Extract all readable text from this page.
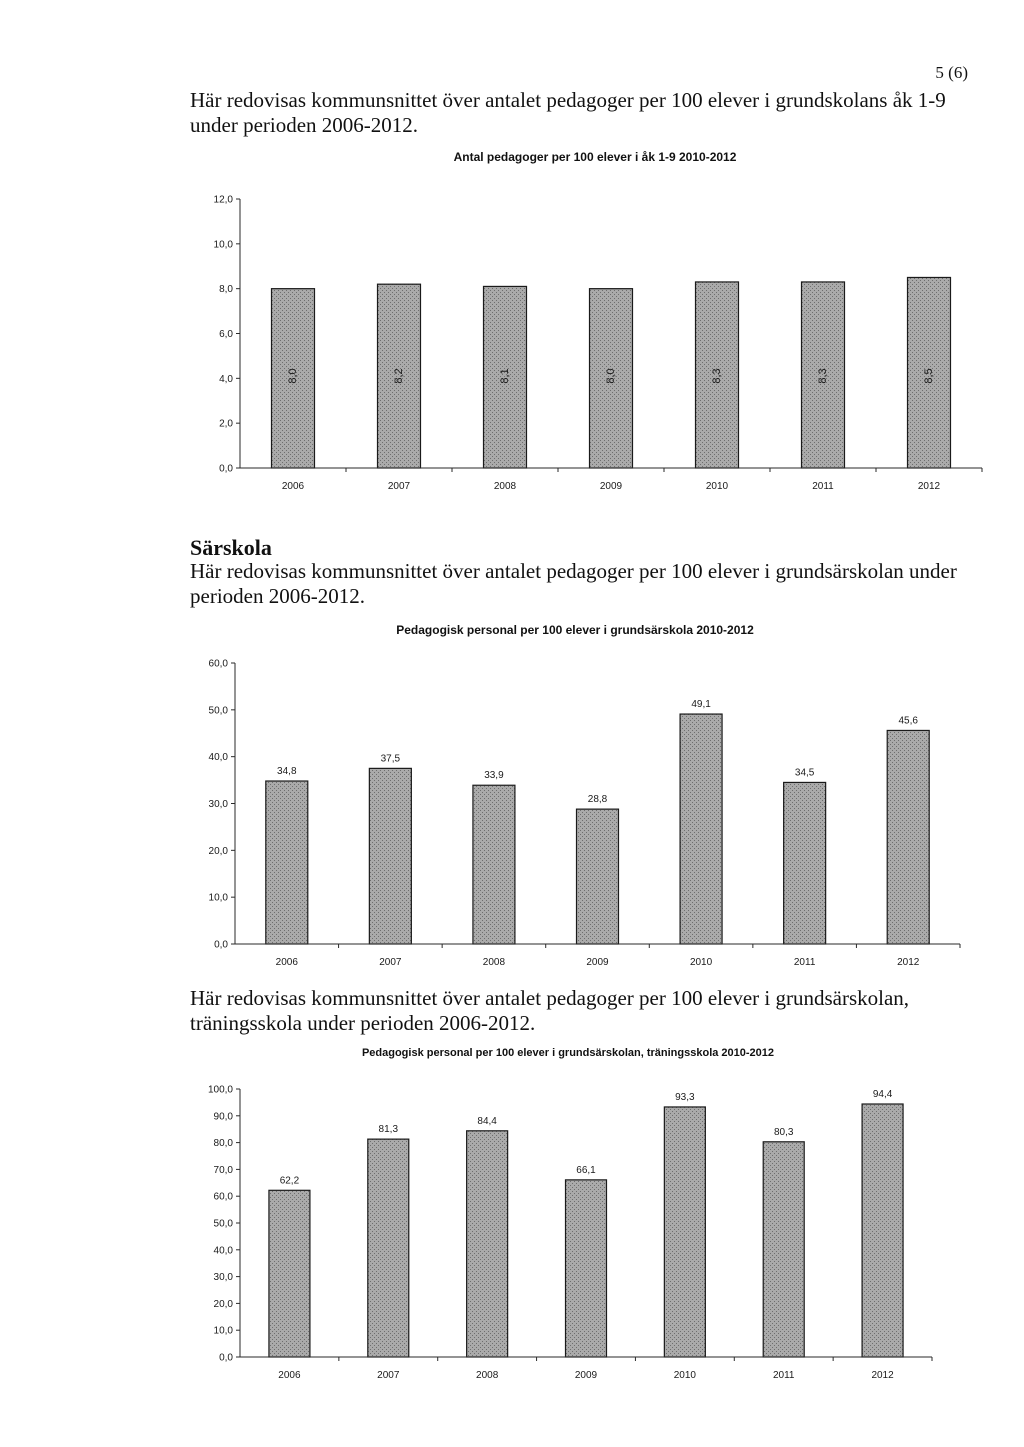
5 (6)
Här redovisas kommunsnittet över antalet pedagoger per 100 elever i grundskolans åk 1-9
under perioden 2006-2012.
Antal pedagoger per 100 elever i åk 1-9 2010-2012
0,0
2,0
4,0
6,0
8,0
10,0
12,0
8,0
2006
8,2
2007
8,1
2008
8,0
2009
8,3
2010
8,3
2011
8,5
2012
Särskola
Här redovisas kommunsnittet över antalet pedagoger per 100 elever i grundsärskolan under
perioden 2006-2012.
Pedagogisk personal per 100 elever i grundsärskola 2010-2012
0,0
10,0
20,0
30,0
40,0
50,0
60,0
34,8
2006
37,5
2007
33,9
2008
28,8
2009
49,1
2010
34,5
2011
45,6
2012
Här redovisas kommunsnittet över antalet pedagoger per 100 elever i grundsärskolan,
träningsskola under perioden 2006-2012.
Pedagogisk personal per 100 elever i grundsärskolan, träningsskola 2010-2012
0,0
10,0
20,0
30,0
40,0
50,0
60,0
70,0
80,0
90,0
100,0
62,2
2006
81,3
2007
84,4
2008
66,1
2009
93,3
2010
80,3
2011
94,4
2012
